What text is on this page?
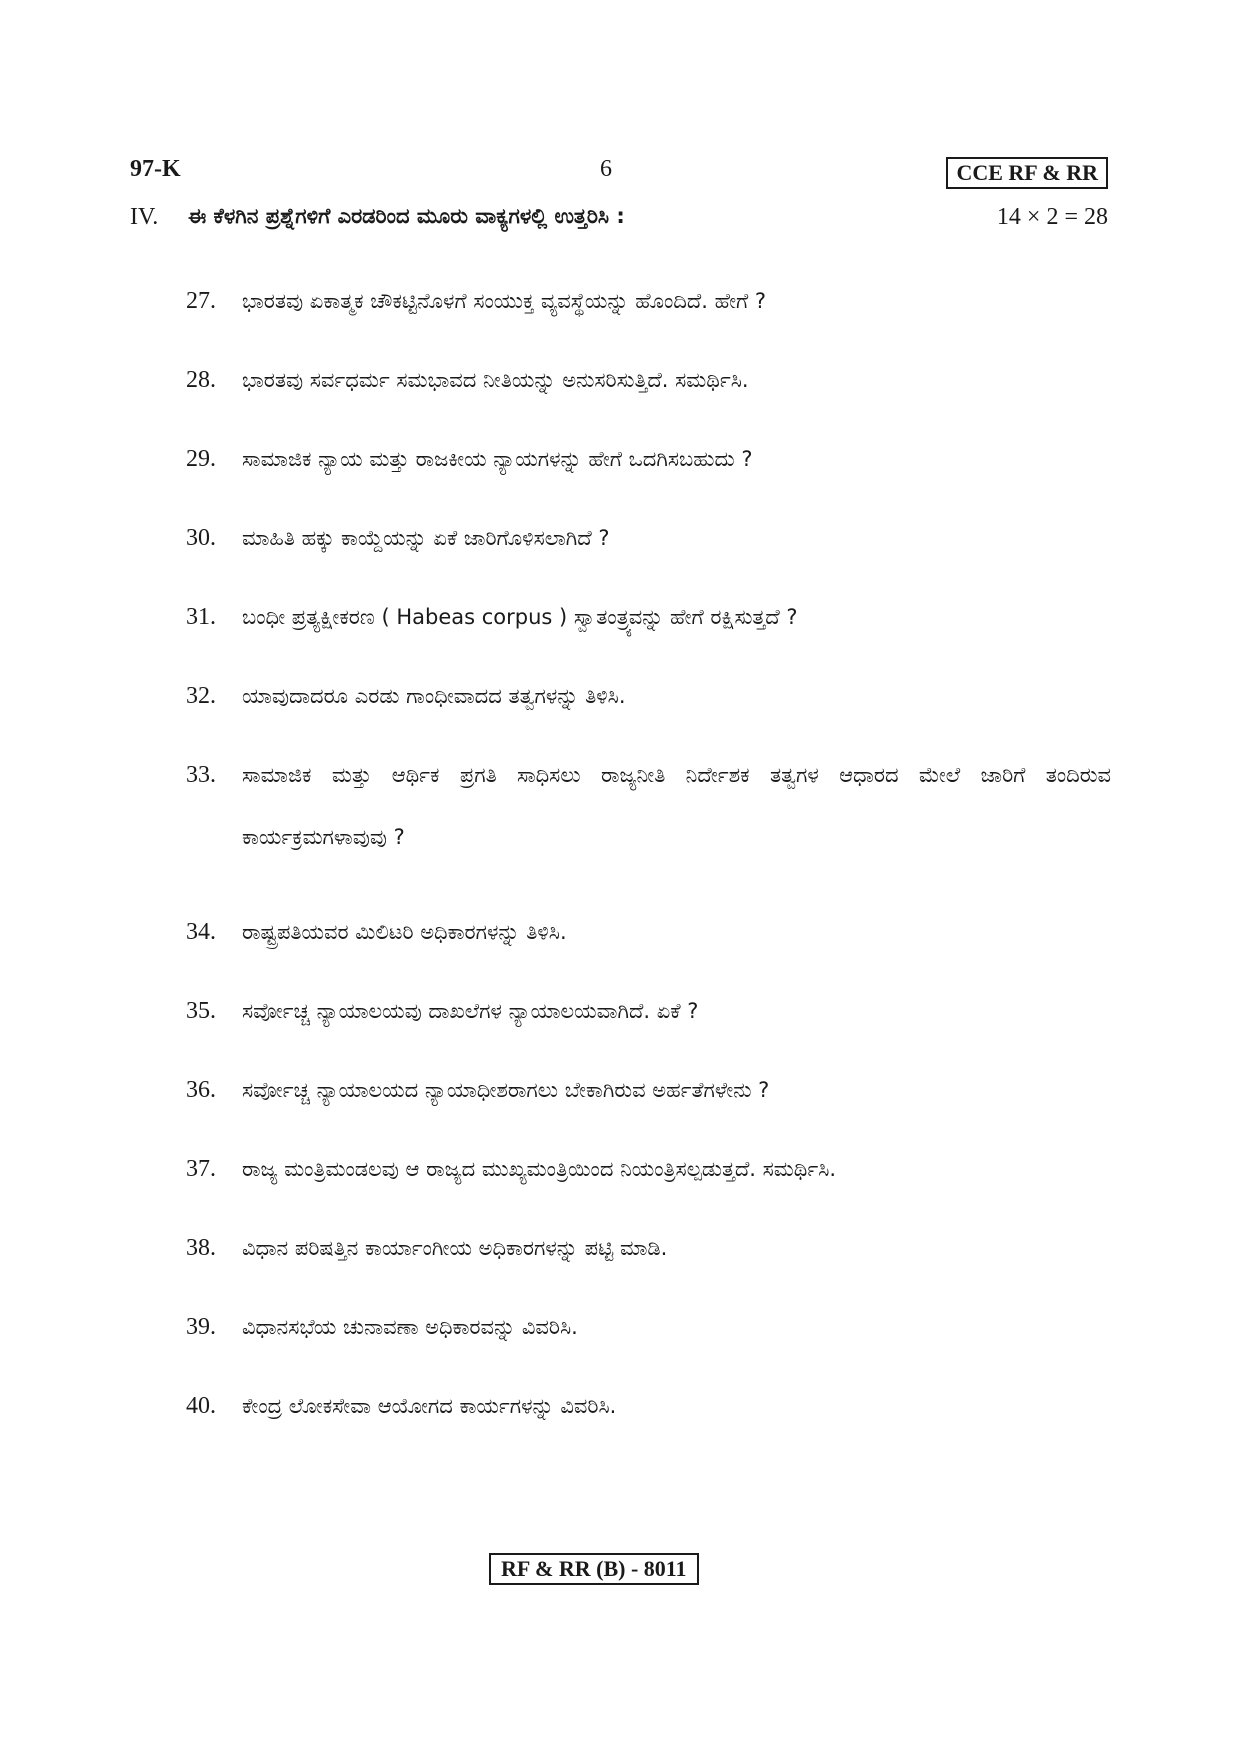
97-K	6	CCE RF & RR
IV. ಈ ಕೆಳಗಿನ ಪ್ರಶ್ನೆಗಳಿಗೆ ಎರಡರಿಂದ ಮೂರು ವಾಕ್ಯಗಳಲ್ಲಿ ಉತ್ತರಿಸಿ :	14 × 2 = 28
27.	ಭಾರತವು ಏಕಾತ್ಮಕ ಚೌಕಟ್ಟಿನೊಳಗೆ ಸಂಯುಕ್ತ ವ್ಯವಸ್ಥೆಯನ್ನು ಹೊಂದಿದೆ. ಹೇಗೆ ?
28.	ಭಾರತವು ಸರ್ವಧರ್ಮ ಸಮಭಾವದ ನೀತಿಯನ್ನು ಅನುಸರಿಸುತ್ತಿದೆ. ಸಮರ್ಥಿಸಿ.
29.	ಸಾಮಾಜಿಕ ನ್ಯಾಯ ಮತ್ತು ರಾಜಕೀಯ ನ್ಯಾಯಗಳನ್ನು ಹೇಗೆ ಒದಗಿಸಬಹುದು ?
30.	ಮಾಹಿತಿ ಹಕ್ಕು ಕಾಯ್ದೆಯನ್ನು ಏಕೆ ಜಾರಿಗೊಳಿಸಲಾಗಿದೆ ?
31.	ಬಂಧೀ ಪ್ರತ್ಯಕ್ಷೀಕರಣ ( Habeas corpus ) ಸ್ವಾತಂತ್ರ್ಯವನ್ನು ಹೇಗೆ ರಕ್ಷಿಸುತ್ತದೆ ?
32.	ಯಾವುದಾದರೂ ಎರಡು ಗಾಂಧೀವಾದದ ತತ್ವಗಳನ್ನು ತಿಳಿಸಿ.
33.	ಸಾಮಾಜಿಕ ಮತ್ತು ಆರ್ಥಿಕ ಪ್ರಗತಿ ಸಾಧಿಸಲು ರಾಜ್ಯನೀತಿ ನಿರ್ದೇಶಕ ತತ್ವಗಳ ಆಧಾರದ ಮೇಲೆ ಜಾರಿಗೆ ತಂದಿರುವ ಕಾರ್ಯಕ್ರಮಗಳಾವುವು ?
34.	ರಾಷ್ಟ್ರಪತಿಯವರ ಮಿಲಿಟರಿ ಅಧಿಕಾರಗಳನ್ನು ತಿಳಿಸಿ.
35.	ಸರ್ವೋಚ್ಚ ನ್ಯಾಯಾಲಯವು ದಾಖಲೆಗಳ ನ್ಯಾಯಾಲಯವಾಗಿದೆ. ಏಕೆ ?
36.	ಸರ್ವೋಚ್ಚ ನ್ಯಾಯಾಲಯದ ನ್ಯಾಯಾಧೀಶರಾಗಲು ಬೇಕಾಗಿರುವ ಅರ್ಹತೆಗಳೇನು ?
37.	ರಾಜ್ಯ ಮಂತ್ರಿಮಂಡಲವು ಆ ರಾಜ್ಯದ ಮುಖ್ಯಮಂತ್ರಿಯಿಂದ ನಿಯಂತ್ರಿಸಲ್ಪಡುತ್ತದೆ. ಸಮರ್ಥಿಸಿ.
38.	ವಿಧಾನ ಪರಿಷತ್ತಿನ ಕಾರ್ಯಾಂಗೀಯ ಅಧಿಕಾರಗಳನ್ನು ಪಟ್ಟಿ ಮಾಡಿ.
39.	ವಿಧಾನಸಭೆಯ ಚುನಾವಣಾ ಅಧಿಕಾರವನ್ನು ವಿವರಿಸಿ.
40.	ಕೇಂದ್ರ ಲೋಕಸೇವಾ ಆಯೋಗದ ಕಾರ್ಯಗಳನ್ನು ವಿವರಿಸಿ.
RF & RR (B) - 8011
